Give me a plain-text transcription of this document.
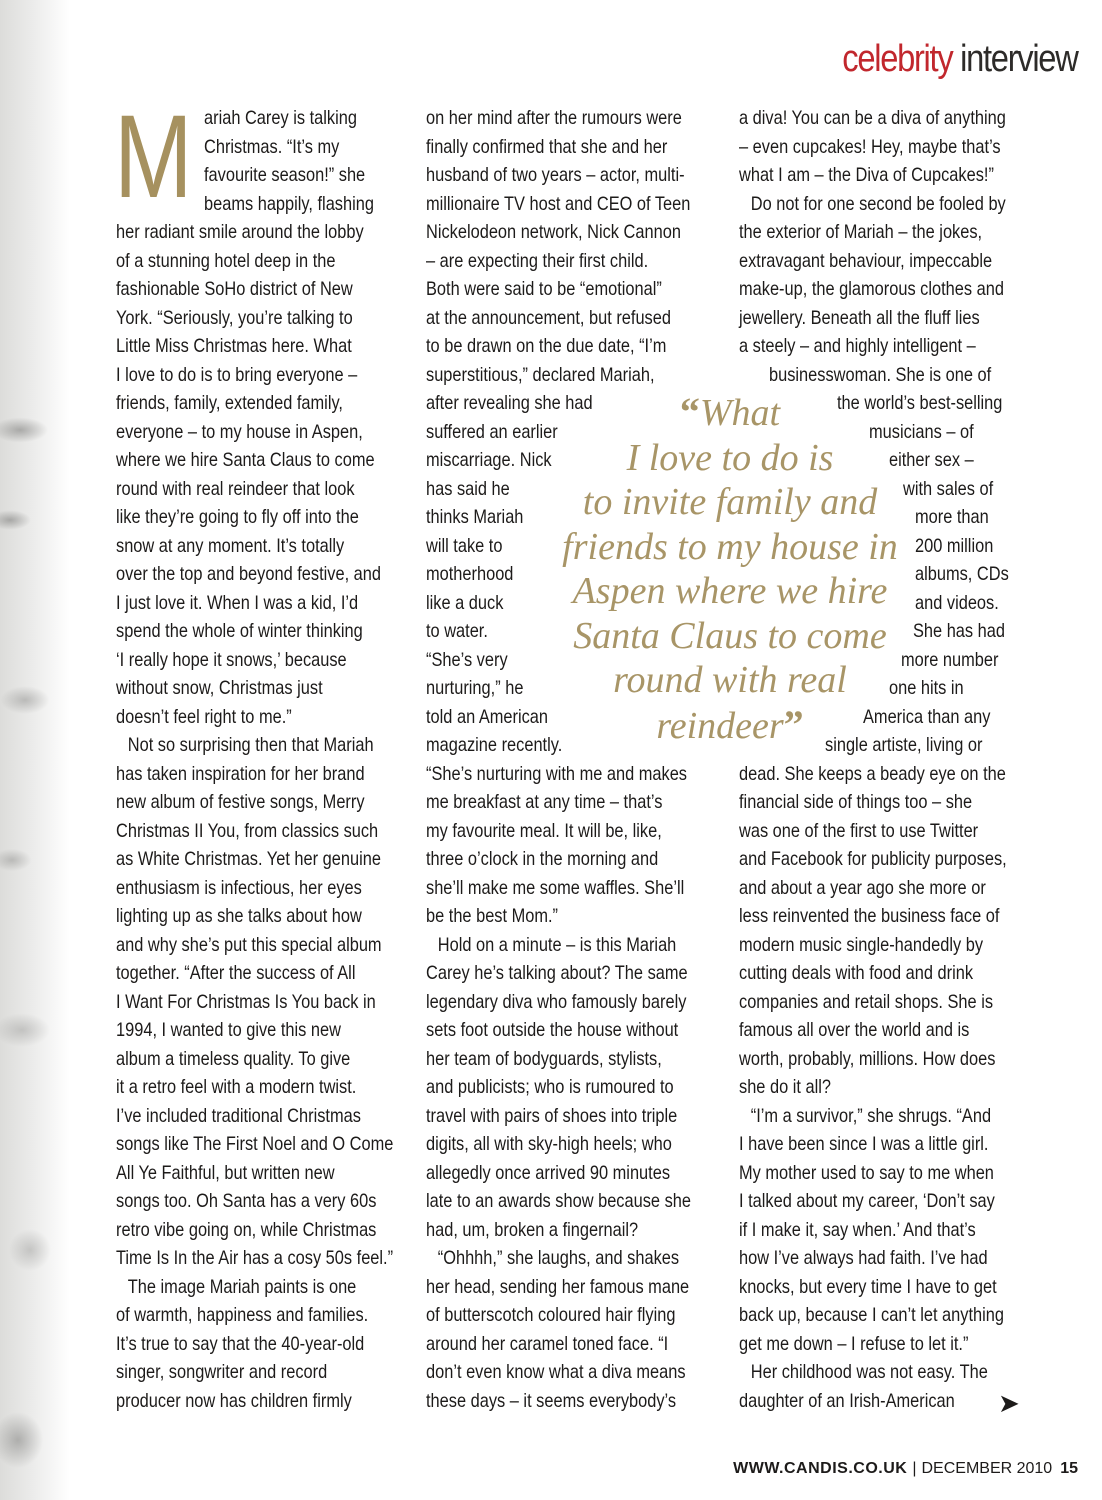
celebrity interview
M ariah Carey is talking
Christmas. “It’s my
favourite season!” she
beams happily, flashing
her radiant smile around the lobby
of a stunning hotel deep in the
fashionable SoHo district of New
York. “Seriously, you’re talking to
Little Miss Christmas here. What
I love to do is to bring everyone –
friends, family, extended family,
everyone – to my house in Aspen,
where we hire Santa Claus to come
round with real reindeer that look
like they’re going to fly off into the
snow at any moment. It’s totally
over the top and beyond festive, and
I just love it. When I was a kid, I’d
spend the whole of winter thinking
‘I really hope it snows,’ because
without snow, Christmas just
doesn’t feel right to me.”
Not so surprising then that Mariah
has taken inspiration for her brand
new album of festive songs, Merry
Christmas II You, from classics such
as White Christmas. Yet her genuine
enthusiasm is infectious, her eyes
lighting up as she talks about how
and why she’s put this special album
together. “After the success of All
I Want For Christmas Is You back in
1994, I wanted to give this new
album a timeless quality. To give
it a retro feel with a modern twist.
I’ve included traditional Christmas
songs like The First Noel and O Come
All Ye Faithful, but written new
songs too. Oh Santa has a very 60s
retro vibe going on, while Christmas
Time Is In the Air has a cosy 50s feel.”
The image Mariah paints is one
of warmth, happiness and families.
It’s true to say that the 40-year-old
singer, songwriter and record
producer now has children firmly
on her mind after the rumours were
finally confirmed that she and her
husband of two years – actor, multi-
millionaire TV host and CEO of Teen
Nickelodeon network, Nick Cannon
– are expecting their first child.
Both were said to be “emotional”
at the announcement, but refused
to be drawn on the due date, “I’m
superstitious,” declared Mariah,
after revealing she had
suffered an earlier
miscarriage. Nick
has said he
thinks Mariah
will take to
motherhood
like a duck
to water.
“She’s very
nurturing,” he
told an American
magazine recently.
“She’s nurturing with me and makes
me breakfast at any time – that’s
my favourite meal. It will be, like,
three o’clock in the morning and
she’ll make me some waffles. She’ll
be the best Mom.”
Hold on a minute – is this Mariah
Carey he’s talking about? The same
legendary diva who famously barely
sets foot outside the house without
her team of bodyguards, stylists,
and publicists; who is rumoured to
travel with pairs of shoes into triple
digits, all with sky-high heels; who
allegedly once arrived 90 minutes
late to an awards show because she
had, um, broken a fingernail?
“Ohhhh,” she laughs, and shakes
her head, sending her famous mane
of butterscotch coloured hair flying
around her caramel toned face. “I
don’t even know what a diva means
these days – it seems everybody’s
a diva! You can be a diva of anything
– even cupcakes! Hey, maybe that’s
what I am – the Diva of Cupcakes!”
Do not for one second be fooled by
the exterior of Mariah – the jokes,
extravagant behaviour, impeccable
make-up, the glamorous clothes and
jewellery. Beneath all the fluff lies
a steely – and highly intelligent –
businesswoman. She is one of
the world’s best-selling
musicians – of
either sex –
with sales of
more than
200 million
albums, CDs
and videos.
She has had
more number
one hits in
America than any
single artiste, living or
dead. She keeps a beady eye on the
financial side of things too – she
was one of the first to use Twitter
and Facebook for publicity purposes,
and about a year ago she more or
less reinvented the business face of
modern music single-handedly by
cutting deals with food and drink
companies and retail shops. She is
famous all over the world and is
worth, probably, millions. How does
she do it all?
“I’m a survivor,” she shrugs. “And
I have been since I was a little girl.
My mother used to say to me when
I talked about my career, ‘Don’t say
if I make it, say when.’ And that’s
how I’ve always had faith. I’ve had
knocks, but every time I have to get
back up, because I can’t let anything
get me down – I refuse to let it.”
Her childhood was not easy. The
daughter of an Irish-American
“What
I love to do is
to invite family and
friends to my house in
Aspen where we hire
Santa Claus to come
round with real
reindeer”
➤
WWW.CANDIS.CO.UK | DECEMBER 2010 15
